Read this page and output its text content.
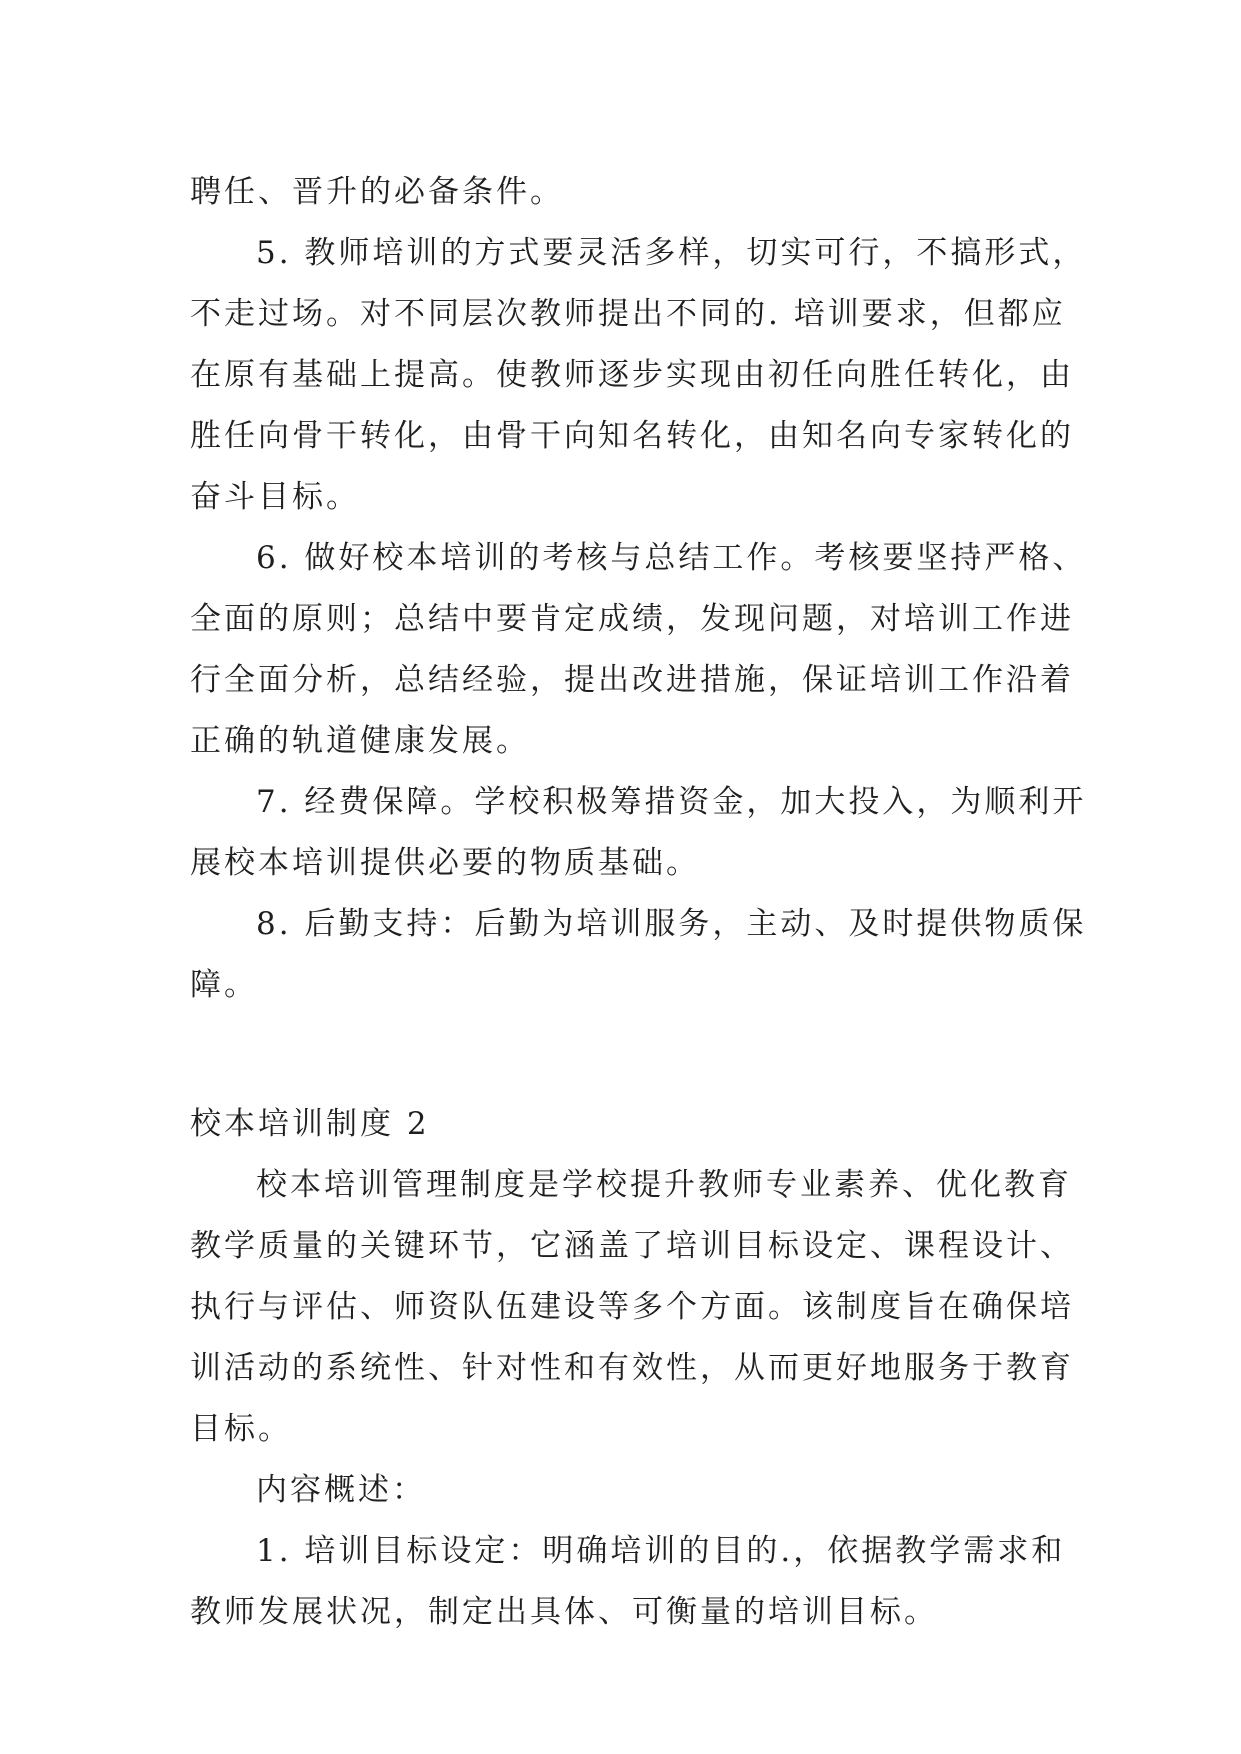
聘任、晋升的必备条件。
5. 教师培训的方式要灵活多样，切实可行，不搞形式，
不走过场。对不同层次教师提出不同的. 培训要求，但都应
在原有基础上提高。使教师逐步实现由初任向胜任转化，由
胜任向骨干转化，由骨干向知名转化，由知名向专家转化的
奋斗目标。
6. 做好校本培训的考核与总结工作。考核要坚持严格、
全面的原则；总结中要肯定成绩，发现问题，对培训工作进
行全面分析，总结经验，提出改进措施，保证培训工作沿着
正确的轨道健康发展。
7. 经费保障。学校积极筹措资金，加大投入，为顺利开
展校本培训提供必要的物质基础。
8. 后勤支持：后勤为培训服务，主动、及时提供物质保
障。
校本培训制度 2
校本培训管理制度是学校提升教师专业素养、优化教育
教学质量的关键环节，它涵盖了培训目标设定、课程设计、
执行与评估、师资队伍建设等多个方面。该制度旨在确保培
训活动的系统性、针对性和有效性，从而更好地服务于教育
目标。
内容概述：
1. 培训目标设定：明确培训的目的.，依据教学需求和
教师发展状况，制定出具体、可衡量的培训目标。
